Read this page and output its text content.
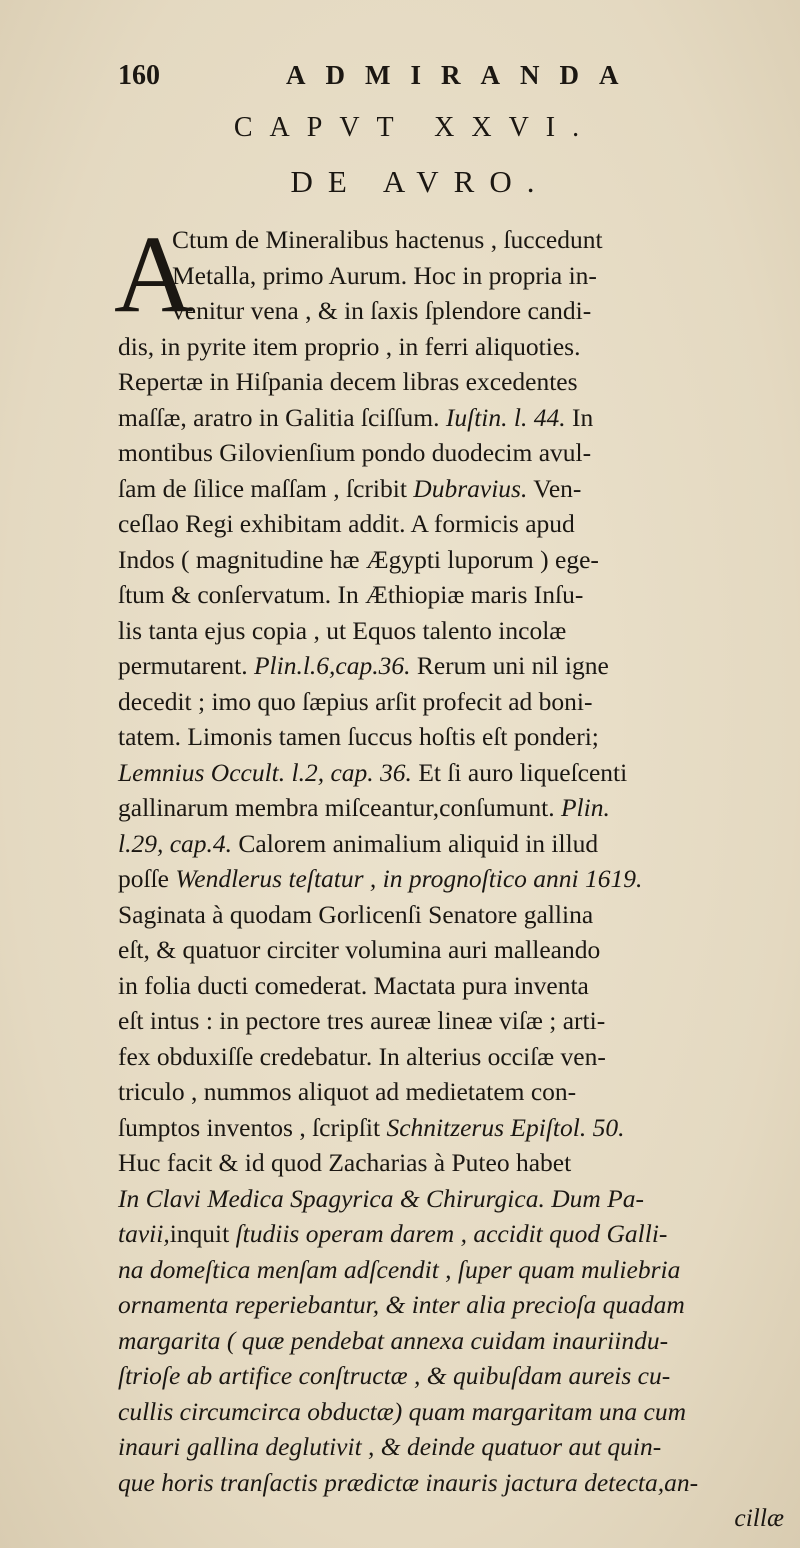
160	ADMIRANDA
CAPVT XXVI.
DE AVRO.
A
Ctum de Mineralibus hactenus , ſuccedunt
Metalla, primo Aurum. Hoc in propria in-
venitur vena , & in ſaxis ſplendore candi-
dis, in pyrite item proprio , in ferri aliquoties.
Repertæ in Hiſpania decem libras excedentes
maſſæ, aratro in Galitia ſciſſum. Iuſtin. l. 44. In
montibus Gilovienſium pondo duodecim avul-
ſam de ſilice maſſam , ſcribit Dubravius. Ven-
ceſlao Regi exhibitam addit. A formicis apud
Indos ( magnitudine hæ Ægypti luporum ) ege-
ſtum & conſervatum. In Æthiopiæ maris Inſu-
lis tanta ejus copia , ut Equos talento incolæ
permutarent. Plin.l.6,cap.36. Rerum uni nil igne
decedit ; imo quo ſæpius arſit profecit ad boni-
tatem. Limonis tamen ſuccus hoſtis eſt ponderi;
Lemnius Occult. l.2, cap. 36. Et ſi auro liqueſcenti
gallinarum membra miſceantur,conſumunt. Plin.
l.29, cap.4. Calorem animalium aliquid in illud
poſſe Wendlerus teſtatur , in prognoſtico anni 1619.
Saginata à quodam Gorlicenſi Senatore gallina
eſt, & quatuor circiter volumina auri malleando
in folia ducti comederat. Mactata pura inventa
eſt intus : in pectore tres aureæ lineæ viſæ ; arti-
fex obduxiſſe credebatur. In alterius occiſæ ven-
triculo , nummos aliquot ad medietatem con-
ſumptos inventos , ſcripſit Schnitzerus Epiſtol. 50.
Huc facit & id quod Zacharias à Puteo habet
In Clavi Medica Spagyrica & Chirurgica. Dum Pa-
tavii,inquit ſtudiis operam darem , accidit quod Galli-
na domeſtica menſam adſcendit , ſuper quam muliebria
ornamenta reperiebantur, & inter alia precioſa quadam
margarita ( quæ pendebat annexa cuidam inauriindu-
ſtrioſe ab artifice conſtructæ , & quibuſdam aureis cu-
cullis circumcirca obductæ) quam margaritam una cum
inauri gallina deglutivit , & deinde quatuor aut quin-
que horis tranſactis prædictæ inauris jactura detecta,an-
cillæ
